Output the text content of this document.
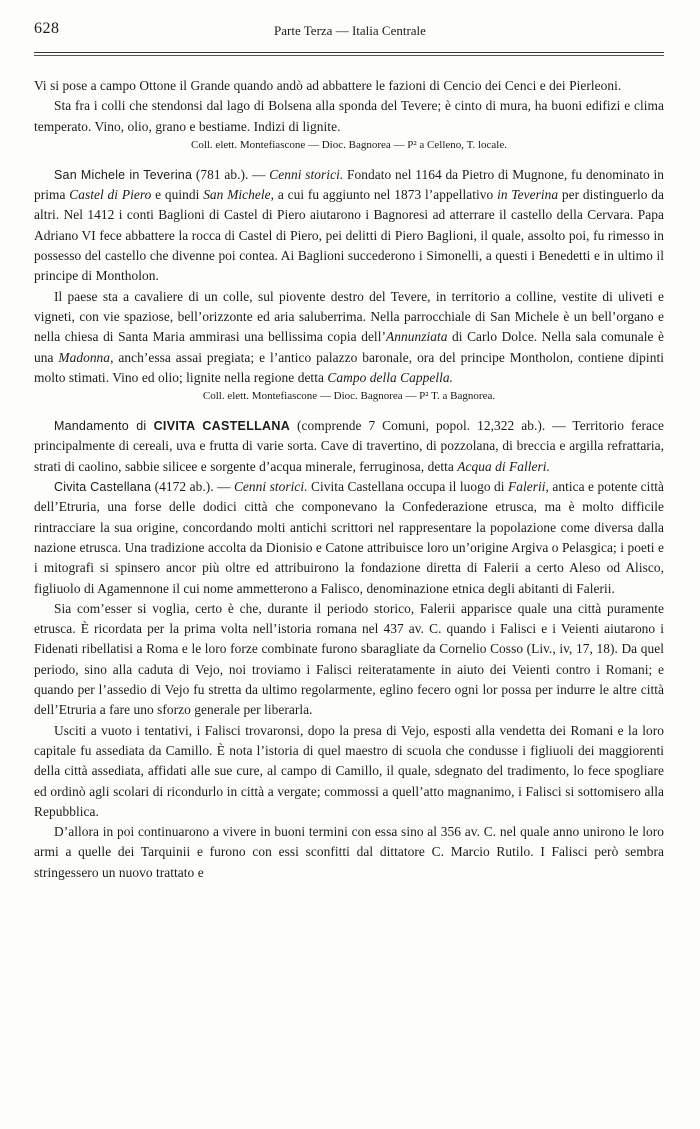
628	Parte Terza — Italia Centrale

Vi si pose a campo Ottone il Grande quando andò ad abbattere le fazioni di Cencio dei Cenci e dei Pierleoni.

Sta fra i colli che stendonsi dal lago di Bolsena alla sponda del Tevere; è cinto di mura, ha buoni edifizi e clima temperato. Vino, olio, grano e bestiame. Indizi di lignite.

Coll. elett. Montefiascone — Dioc. Bagnorea — P² a Celleno, T. locale.

San Michele in Teverina (781 ab.). — Cenni storici. Fondato nel 1164 da Pietro di Mugnone, fu denominato in prima Castel di Piero e quindi San Michele, a cui fu aggiunto nel 1873 l’appellativo in Teverina per distinguerlo da altri. Nel 1412 i conti Baglioni di Castel di Piero aiutarono i Bagnoresi ad atterrare il castello della Cervara. Papa Adriano VI fece abbattere la rocca di Castel di Piero, pei delitti di Piero Baglioni, il quale, assolto poi, fu rimesso in possesso del castello che divenne poi contea. Ai Baglioni succederono i Simonelli, a questi i Benedetti e in ultimo il principe di Montholon.

Il paese sta a cavaliere di un colle, sul piovente destro del Tevere, in territorio a colline, vestite di uliveti e vigneti, con vie spaziose, bell’orizzonte ed aria saluberrima. Nella parrocchiale di San Michele è un bell’organo e nella chiesa di Santa Maria ammirasi una bellissima copia dell’Annunziata di Carlo Dolce. Nella sala comunale è una Madonna, anch’essa assai pregiata; e l’antico palazzo baronale, ora del principe Montholon, contiene dipinti molto stimati. Vino ed olio; lignite nella regione detta Campo della Cappella.

Coll. elett. Montefiascone — Dioc. Bagnorea — P² T. a Bagnorea.

Mandamento di CIVITA CASTELLANA (comprende 7 Comuni, popol. 12,322 ab.). — Territorio ferace principalmente di cereali, uva e frutta di varie sorta. Cave di travertino, di pozzolana, di breccia e argilla refrattaria, strati di caolino, sabbie silicee e sorgente d’acqua minerale, ferruginosa, detta Acqua di Falleri.

Civita Castellana (4172 ab.). — Cenni storici. Civita Castellana occupa il luogo di Falerii, antica e potente città dell’Etruria, una forse delle dodici città che componevano la Confederazione etrusca, ma è molto difficile rintracciare la sua origine, concordando molti antichi scrittori nel rappresentare la popolazione come diversa dalla nazione etrusca. Una tradizione accolta da Dionisio e Catone attribuisce loro un’origine Argiva o Pelasgica; i poeti e i mitografi si spinsero ancor più oltre ed attribuirono la fondazione diretta di Falerii a certo Aleso od Alisco, figliuolo di Agamennone il cui nome ammetterono a Falisco, denominazione etnica degli abitanti di Falerii.

Sia com’esser si voglia, certo è che, durante il periodo storico, Falerii apparisce quale una città puramente etrusca. È ricordata per la prima volta nell’istoria romana nel 437 av. C. quando i Falisci e i Veienti aiutarono i Fidenati ribellatisi a Roma e le loro forze combinate furono sbaragliate da Cornelio Cosso (Liv., iv, 17, 18). Da quel periodo, sino alla caduta di Vejo, noi troviamo i Falisci reiteratamente in aiuto dei Veienti contro i Romani; e quando per l’assedio di Vejo fu stretta da ultimo regolarmente, eglino fecero ogni lor possa per indurre le altre città dell’Etruria a fare uno sforzo generale per liberarla.

Usciti a vuoto i tentativi, i Falisci trovaronsi, dopo la presa di Vejo, esposti alla vendetta dei Romani e la loro capitale fu assediata da Camillo. È nota l’istoria di quel maestro di scuola che condusse i figliuoli dei maggiorenti della città assediata, affidati alle sue cure, al campo di Camillo, il quale, sdegnato del tradimento, lo fece spogliare ed ordinò agli scolari di ricondurlo in città a vergate; commossi a quell’atto magnanimo, i Falisci si sottomisero alla Repubblica.

D’allora in poi continuarono a vivere in buoni termini con essa sino al 356 av. C. nel quale anno unirono le loro armi a quelle dei Tarquinii e furono con essi sconfitti dal dittatore C. Marcio Rutilo. I Falisci però sembra stringessero un nuovo trattato e
